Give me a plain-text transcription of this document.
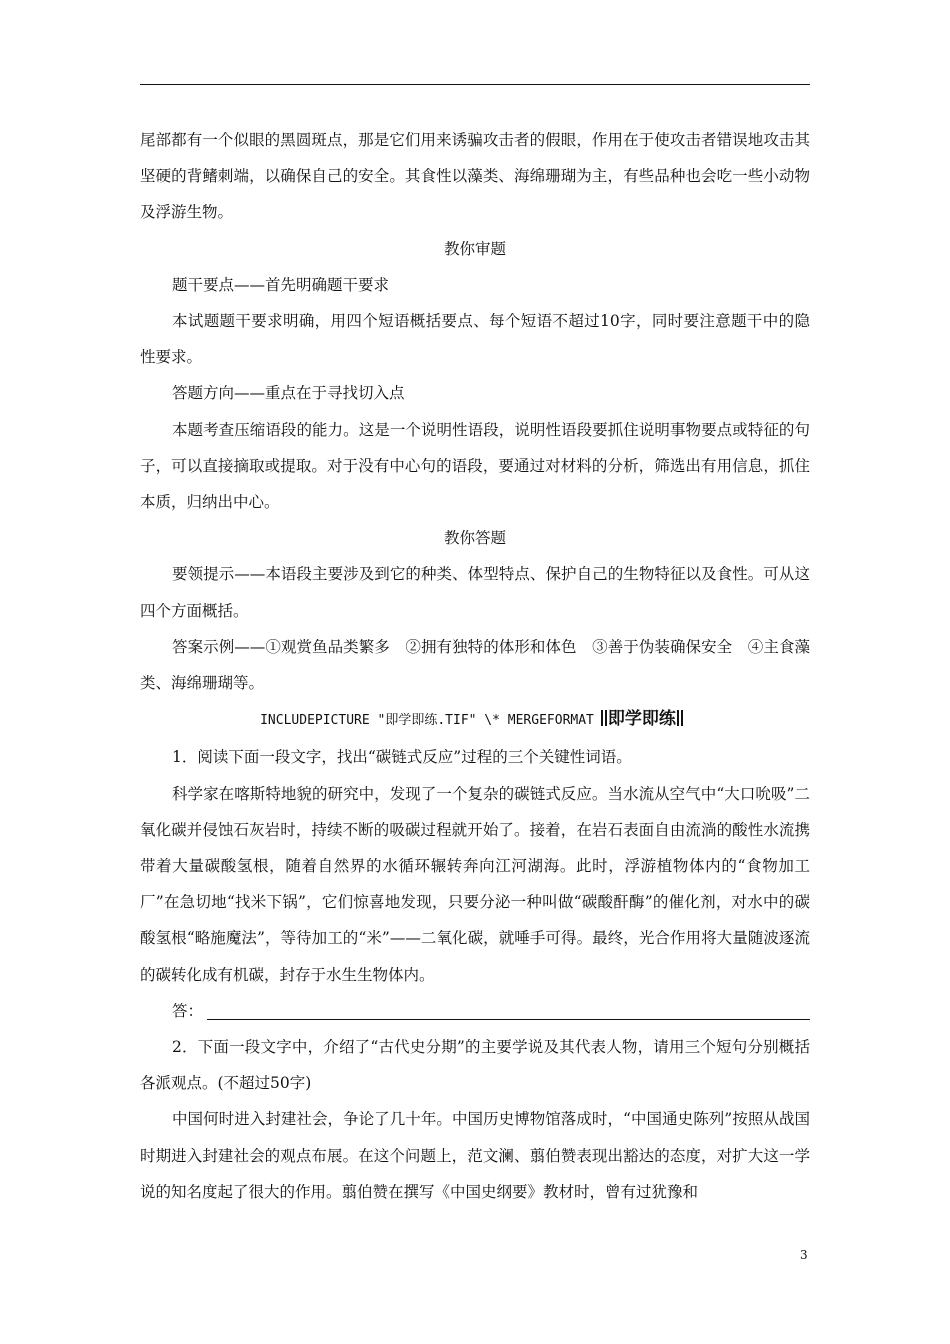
尾部都有一个似眼的黑圆斑点，那是它们用来诱骗攻击者的假眼，作用在于使攻击者错误地攻击其坚硬的背鳍刺端，以确保自己的安全。其食性以藻类、海绵珊瑚为主，有些品种也会吃一些小动物及浮游生物。

教你审题

题干要点——首先明确题干要求

本试题题干要求明确，用四个短语概括要点、每个短语不超过10字，同时要注意题干中的隐性要求。

答题方向——重点在于寻找切入点

本题考查压缩语段的能力。这是一个说明性语段，说明性语段要抓住说明事物要点或特征的句子，可以直接摘取或提取。对于没有中心句的语段，要通过对材料的分析，筛选出有用信息，抓住本质，归纳出中心。

教你答题

要领提示——本语段主要涉及到它的种类、体型特点、保护自己的生物特征以及食性。可从这四个方面概括。

答案示例——①观赏鱼品类繁多　②拥有独特的体形和体色　③善于伪装确保安全　④主食藻类、海绵珊瑚等。

INCLUDEPICTURE "即学即练.TIF" \* MERGEFORMAT 即学即练

1．阅读下面一段文字，找出“碳链式反应”过程的三个关键性词语。

科学家在喀斯特地貌的研究中，发现了一个复杂的碳链式反应。当水流从空气中“大口吮吸”二氧化碳并侵蚀石灰岩时，持续不断的吸碳过程就开始了。接着，在岩石表面自由流淌的酸性水流携带着大量碳酸氢根，随着自然界的水循环辗转奔向江河湖海。此时，浮游植物体内的“食物加工厂”在急切地“找米下锅”，它们惊喜地发现，只要分泌一种叫做“碳酸酐酶”的催化剂，对水中的碳酸氢根“略施魔法”，等待加工的“米”——二氧化碳，就唾手可得。最终，光合作用将大量随波逐流的碳转化成有机碳，封存于水生生物体内。

答：

2．下面一段文字中，介绍了“古代史分期”的主要学说及其代表人物，请用三个短句分别概括各派观点。(不超过50字)

中国何时进入封建社会，争论了几十年。中国历史博物馆落成时，“中国通史陈列”按照从战国时期进入封建社会的观点布展。在这个问题上，范文澜、翦伯赞表现出豁达的态度，对扩大这一学说的知名度起了很大的作用。翦伯赞在撰写《中国史纲要》教材时，曾有过犹豫和

3
